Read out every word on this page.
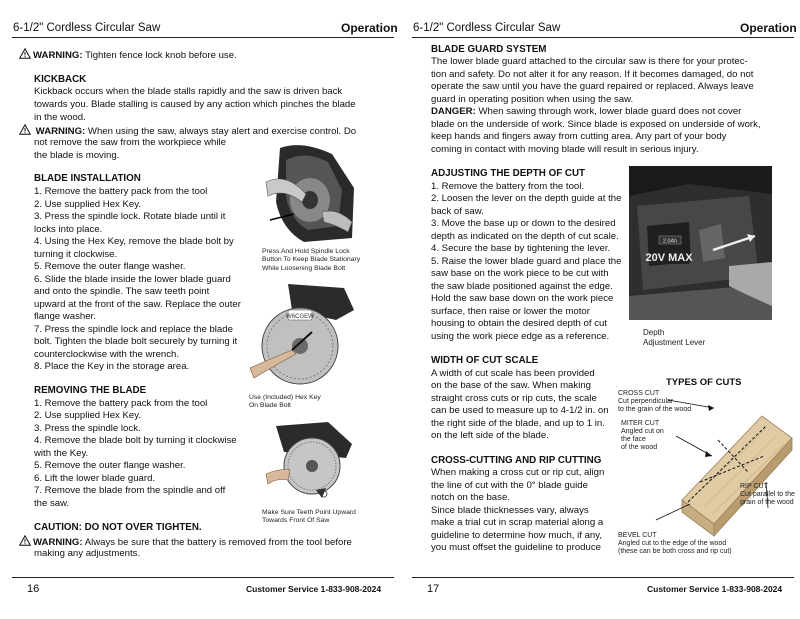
6-1/2" Cordless Circular Saw	Operation
WARNING: Tighten fence lock knob before use.
KICKBACK
Kickback occurs when the blade stalls rapidly and the saw is driven back
towards you. Blade stalling is caused by any action which pinches the blade
in the wood.
WARNING: When using the saw, always stay alert and exercise control. Do
not remove the saw from the workpiece while
the blade is moving.
BLADE INSTALLATION
1. Remove the battery pack from the tool
2. Use supplied Hex Key.
3. Press the spindle lock. Rotate blade until it
locks into place.
4. Using the Hex Key, remove the blade bolt by
turning it clockwise.
5. Remove the outer flange washer.
6. Slide the blade inside the lower blade guard
and onto the spindle. The saw teeth point
upward at the front of the saw. Replace the outer
flange washer.
7. Press the spindle lock and replace the blade
bolt. Tighten the blade bolt securely by turning it
counterclockwise with the wrench.
8. Place the Key in the storage area.
REMOVING THE BLADE
1. Remove the battery pack from the tool
2. Use supplied Hex Key.
3. Press the spindle lock.
4. Remove the blade bolt by turning it clockwise
with the Key.
5. Remove the outer flange washer.
6. Lift the lower blade guard.
7. Remove the blade from the spindle and off
the saw.
Press And Hold Spindle Lock
Button To Keep Blade Stationary
While Loosening Blade Bolt
W6CGEW
Use (Included) Hex Key
On Blade Bolt
Make Sure Teeth Point Upward
Towards Front Of Saw
CAUTION: DO NOT OVER TIGHTEN.
WARNING: Always be sure that the battery is removed from the tool before
making any adjustments.
16	Customer Service 1-833-908-2024
6-1/2" Cordless Circular Saw	Operation
BLADE GUARD SYSTEM
The lower blade guard attached to the circular saw is there for your protec-
tion and safety. Do not alter it for any reason. If it becomes damaged, do not
operate the saw until you have the guard repaired or replaced. Always leave
guard in operating position when using the saw.
DANGER: When sawing through work, lower blade guard does not cover
blade on the underside of work. Since blade is exposed on underside of work,
keep hands and fingers away from cutting area. Any part of your body
coming in contact with moving blade will result in serious injury.
ADJUSTING THE DEPTH OF CUT
1. Remove the battery from the tool.
2. Loosen the lever on the depth guide at the
back of saw.
3. Move the base up or down to the desired
depth as indicated on the depth of cut scale.
4. Secure the base by tightening the lever.
5. Raise the lower blade guard and place the
saw base on the work piece to be cut with
the saw blade positioned against the edge.
Hold the saw base down on the work piece
surface, then raise or lower the motor
housing to obtain the desired depth of cut
using the work piece edge as a reference.
20V MAX
2.0Ah
Depth
Adjustment Lever
WIDTH OF CUT SCALE
A width of cut scale has been provided
on the base of the saw. When making
straight cross cuts or rip cuts, the scale
can be used to measure up to 4-1/2 in. on
the right side of the blade, and up to 1 in.
on the left side of the blade.
CROSS-CUTTING AND RIP CUTTING
When making a cross cut or rip cut, align
the line of cut with the 0° blade guide
notch on the base.
Since blade thicknesses vary, always
make a trial cut in scrap material along a
guideline to determine how much, if any,
you must offset the guideline to produce
TYPES OF CUTS
CROSS CUT
Cut perpendicular
to the grain of the wood
MITER CUT
Angled cut on
the face
of the wood
RIP CUT
Cut parallel to the
grain of the wood
BEVEL CUT
Angled cut to the edge of the wood
(these can be both cross and rip cut)
17	Customer Service 1-833-908-2024
